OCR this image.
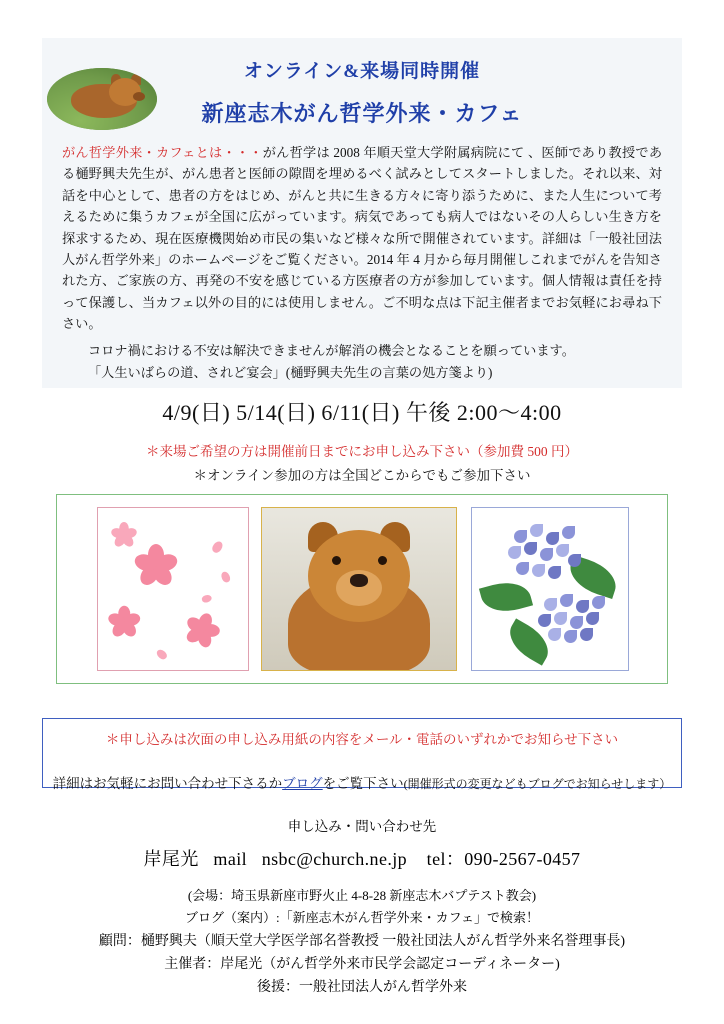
オンライン&来場同時開催
新座志木がん哲学外来・カフェ
がん哲学外来・カフェとは・・・がん哲学は 2008 年順天堂大学附属病院にて 、医師であり教授である樋野興夫先生が、がん患者と医師の隙間を埋めるべく試みとしてスタートしました。それ以来、対話を中心として、患者の方をはじめ、がんと共に生きる方々に寄り添うために、また人生について考えるために集うカフェが全国に広がっています。病気であっても病人ではないその人らしい生き方を探求するため、現在医療機関始め市民の集いなど様々な所で開催されています。詳細は「一般社団法人がん哲学外来」のホームページをご覧ください。2014 年 4 月から毎月開催しこれまでがんを告知された方、ご家族の方、再発の不安を感じている方医療者の方が参加しています。個人情報は責任を持って保護し、当カフェ以外の目的には使用しません。ご不明な点は下記主催者までお気軽にお尋ね下さい。
コロナ禍における不安は解決できませんが解消の機会となることを願っています。
「人生いばらの道、されど宴会」(樋野興夫先生の言葉の処方箋より)
4/9(日) 5/14(日) 6/11(日) 午後 2:00〜4:00
＊来場ご希望の方は開催前日までにお申し込み下さい（参加費 500 円）
＊オンライン参加の方は全国どこからでもご参加下さい
＊申し込みは次面の申し込み用紙の内容をメール・電話のいずれかでお知らせ下さい
詳細はお気軽にお問い合わせ下さるかブログをご覧下さい(開催形式の変更などもブログでお知らせします）
申し込み・問い合わせ先
岸尾光 mail nsbc@church.ne.jp tel：090-2567-0457
(会場：埼玉県新座市野火止 4-8-28 新座志木バプテスト教会)
ブログ（案内）:「新座志木がん哲学外来・カフェ」で検索！
顧問：樋野興夫（順天堂大学医学部名誉教授 一般社団法人がん哲学外来名誉理事長)
主催者：岸尾光（がん哲学外来市民学会認定コーディネーター)
後援：一般社団法人がん哲学外来
